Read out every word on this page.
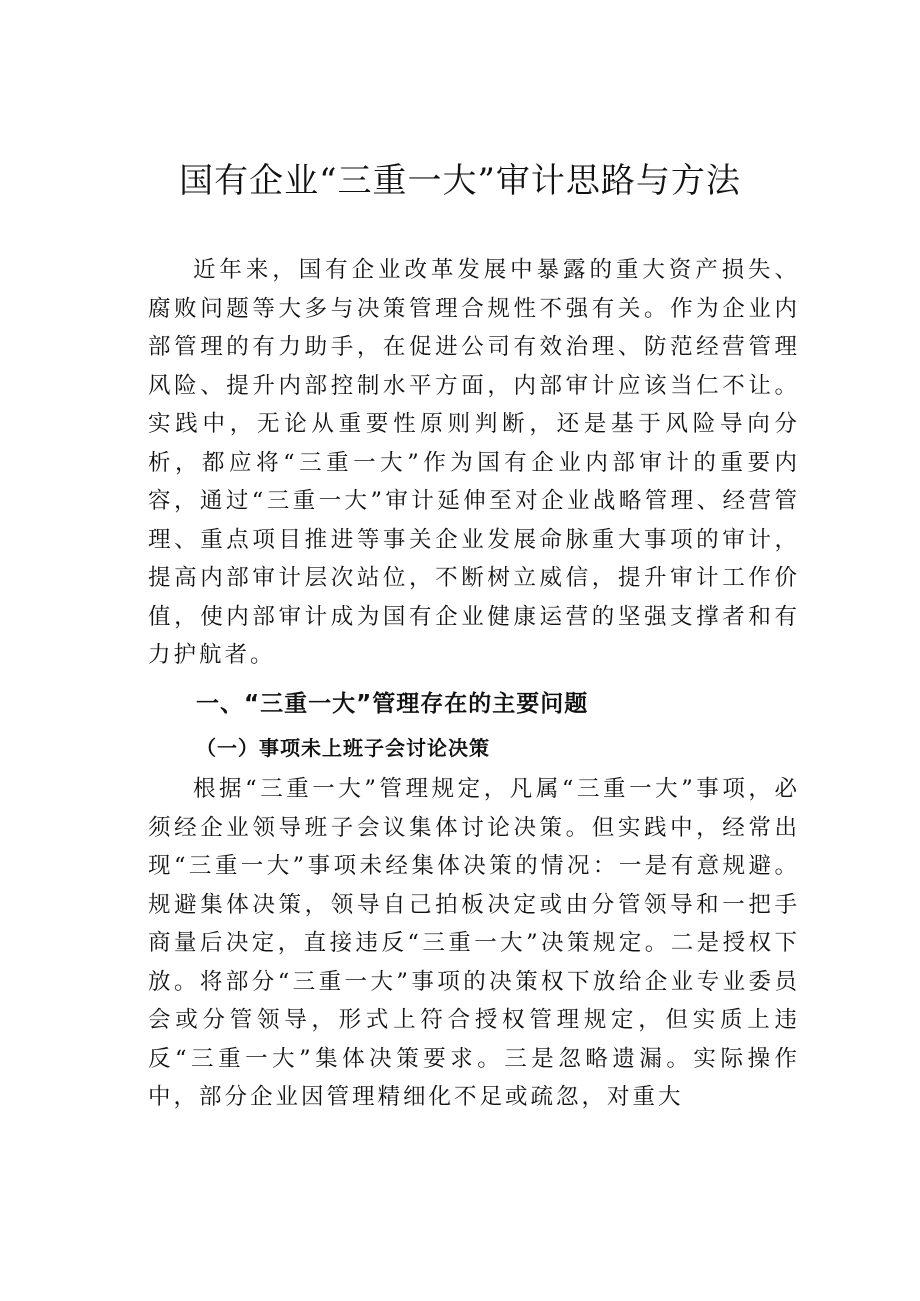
国有企业“三重一大”审计思路与方法

近年来，国有企业改革发展中暴露的重大资产损失、腐败问题等大多与决策管理合规性不强有关。作为企业内部管理的有力助手，在促进公司有效治理、防范经营管理风险、提升内部控制水平方面，内部审计应该当仁不让。实践中，无论从重要性原则判断，还是基于风险导向分析，都应将“三重一大”作为国有企业内部审计的重要内容，通过“三重一大”审计延伸至对企业战略管理、经营管理、重点项目推进等事关企业发展命脉重大事项的审计，提高内部审计层次站位，不断树立威信，提升审计工作价值，使内部审计成为国有企业健康运营的坚强支撑者和有力护航者。

一、“三重一大”管理存在的主要问题
（一）事项未上班子会讨论决策

根据“三重一大”管理规定，凡属“三重一大”事项，必须经企业领导班子会议集体讨论决策。但实践中，经常出现“三重一大”事项未经集体决策的情况：一是有意规避。规避集体决策，领导自己拍板决定或由分管领导和一把手商量后决定，直接违反“三重一大”决策规定。二是授权下放。将部分“三重一大”事项的决策权下放给企业专业委员会或分管领导，形式上符合授权管理规定，但实质上违反“三重一大”集体决策要求。三是忽略遗漏。实际操作中，部分企业因管理精细化不足或疏忽，对重大
